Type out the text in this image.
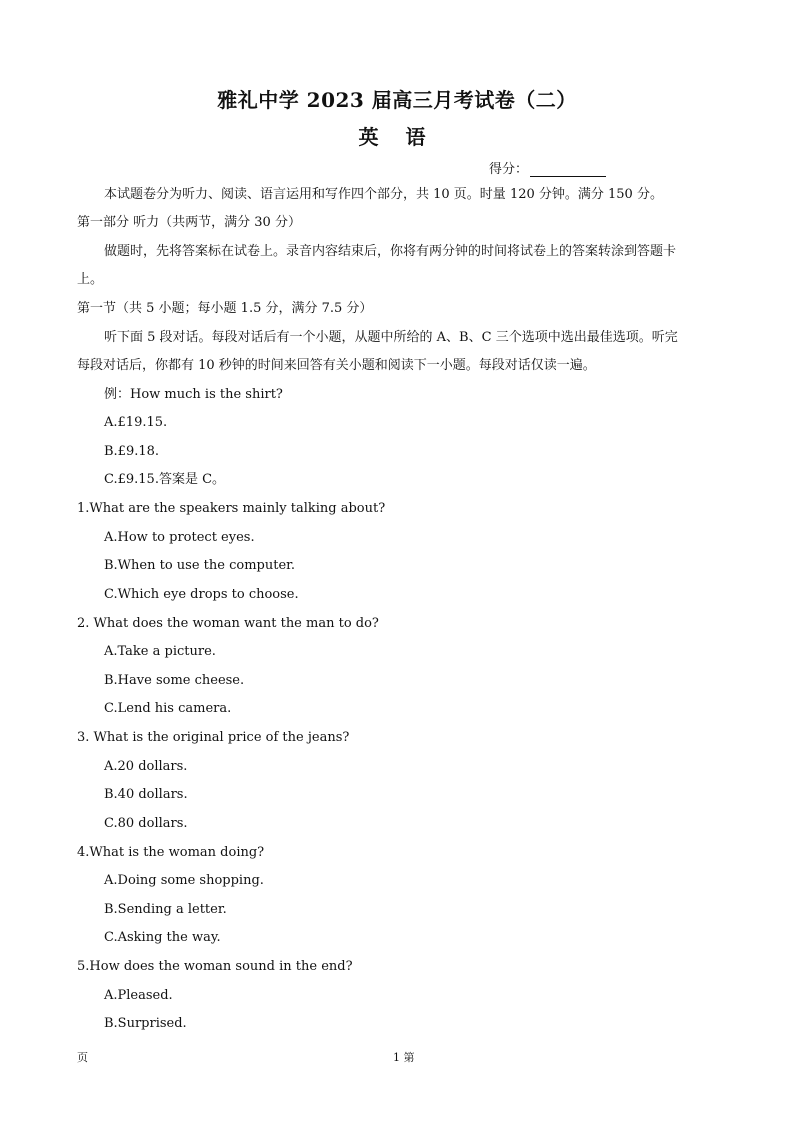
雅礼中学 2023 届高三月考试卷（二）
英 语
得分：
本试题卷分为听力、阅读、语言运用和写作四个部分，共 10 页。时量 120 分钟。满分 150 分。
第一部分 听力（共两节，满分 30 分）
做题时，先将答案标在试卷上。录音内容结束后，你将有两分钟的时间将试卷上的答案转涂到答题卡
上。
第一节（共 5 小题；每小题 1.5 分，满分 7.5 分）
听下面 5 段对话。每段对话后有一个小题，从题中所给的 A、B、C 三个选项中选出最佳选项。听完
每段对话后，你都有 10 秒钟的时间来回答有关小题和阅读下一小题。每段对话仅读一遍。
例：How much is the shirt?
A.£19.15.
B.£9.18.
C.£9.15.答案是 C。
1.What are the speakers mainly talking about?
A.How to protect eyes.
B.When to use the computer.
C.Which eye drops to choose.
2. What does the woman want the man to do?
A.Take a picture.
B.Have some cheese.
C.Lend his camera.
3. What is the original price of the jeans?
A.20 dollars.
B.40 dollars.
C.80 dollars.
4.What is the woman doing?
A.Doing some shopping.
B.Sending a letter.
C.Asking the way.
5.How does the woman sound in the end?
A.Pleased.
B.Surprised.
页	1 第
